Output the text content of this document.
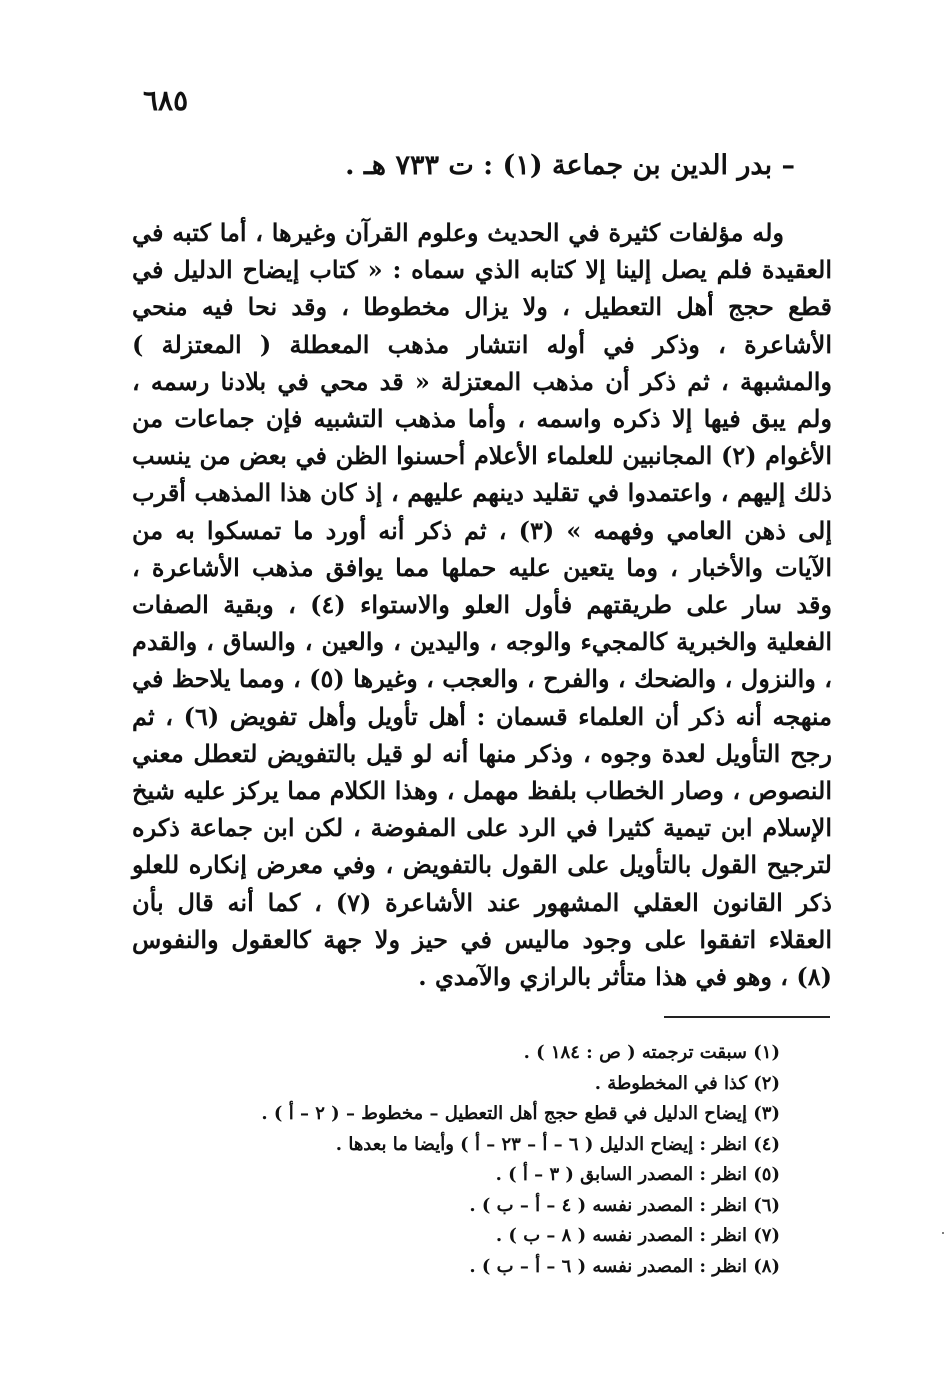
٦٨٥
– بدر الدين بن جماعة (١) : ت ٧٣٣ هـ .

وله مؤلفات كثيرة في الحديث وعلوم القرآن وغيرها ، أما كتبه في العقيدة فلم يصل إلينا إلا كتابه الذي سماه : « كتاب إيضاح الدليل في قطع حجج أهل التعطيل ، ولا يزال مخطوطا ، وقد نحا فيه منحي الأشاعرة ، وذكر في أوله انتشار مذهب المعطلة ( المعتزلة ) والمشبهة ، ثم ذكر أن مذهب المعتزلة « قد محي في بلادنا رسمه ، ولم يبق فيها إلا ذكره واسمه ، وأما مذهب التشبيه فإن جماعات من الأغوام (٢) المجانبين للعلماء الأعلام أحسنوا الظن في بعض من ينسب ذلك إليهم ، واعتمدوا في تقليد دينهم عليهم ، إذ كان هذا المذهب أقرب إلى ذهن العامي وفهمه » (٣) ، ثم ذكر أنه أورد ما تمسكوا به من الآيات والأخبار ، وما يتعين عليه حملها مما يوافق مذهب الأشاعرة ، وقد سار على طريقتهم فأول العلو والاستواء (٤) ، وبقية الصفات الفعلية والخبرية كالمجيء والوجه ، واليدين ، والعين ، والساق ، والقدم ، والنزول ، والضحك ، والفرح ، والعجب ، وغيرها (٥) ، ومما يلاحظ في منهجه أنه ذكر أن العلماء قسمان : أهل تأويل وأهل تفويض (٦) ، ثم رجح التأويل لعدة وجوه ، وذكر منها أنه لو قيل بالتفويض لتعطل معني النصوص ، وصار الخطاب بلفظ مهمل ، وهذا الكلام مما يركز عليه شيخ الإسلام ابن تيمية كثيرا في الرد على المفوضة ، لكن ابن جماعة ذكره لترجيح القول بالتأويل على القول بالتفويض ، وفي معرض إنكاره للعلو ذكر القانون العقلي المشهور عند الأشاعرة (٧) ، كما أنه قال بأن العقلاء اتفقوا على وجود ماليس في حيز ولا جهة كالعقول والنفوس (٨) ، وهو في هذا متأثر بالرازي والآمدي .

(١) سبقت ترجمته ( ص : ١٨٤ ) .
(٢) كذا في المخطوطة .
(٣) إيضاح الدليل في قطع حجج أهل التعطيل – مخطوط – ( ٢ – أ ) .
(٤) انظر : إيضاح الدليل ( ٦ – أ – ٢٣ – أ ) وأيضا ما بعدها .
(٥) انظر : المصدر السابق ( ٣ – أ ) .
(٦) انظر : المصدر نفسه ( ٤ – أ – ب ) .
(٧) انظر : المصدر نفسه ( ٨ – ب ) .
(٨) انظر : المصدر نفسه ( ٦ – أ – ب ) .
